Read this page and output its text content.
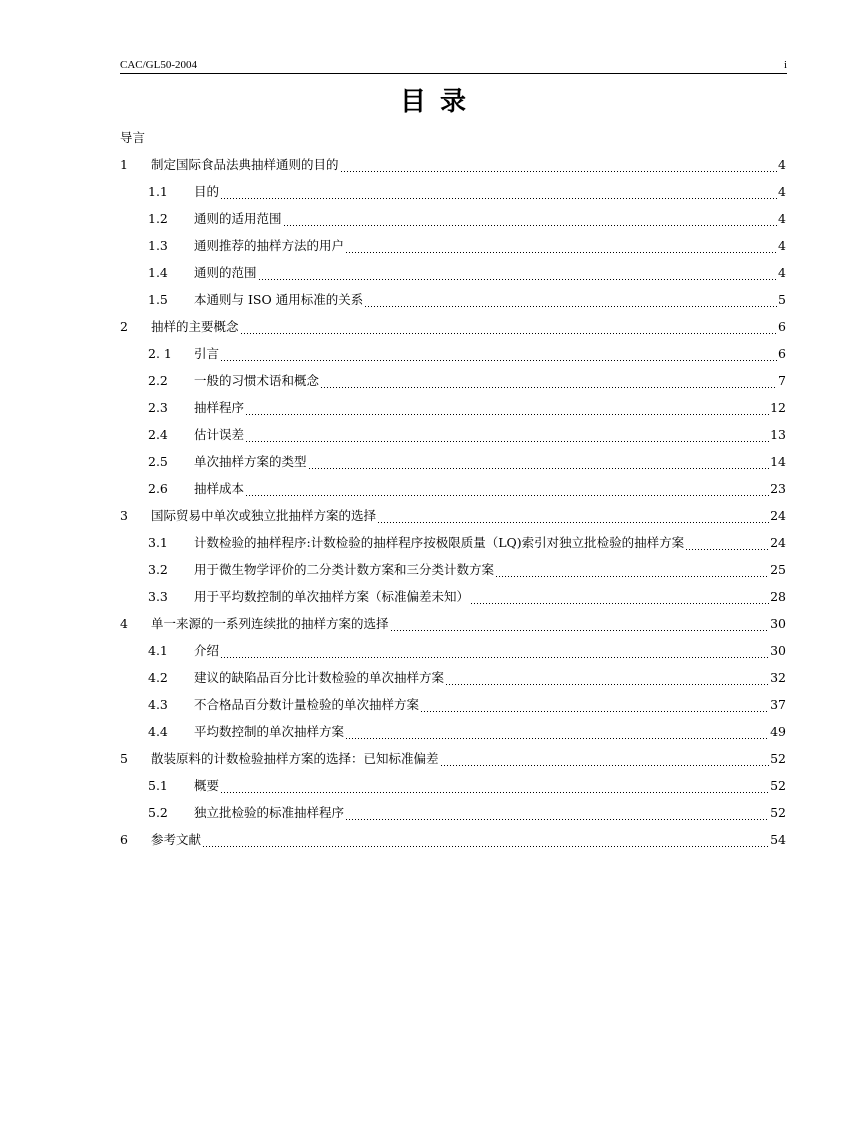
CAC/GL50-2004	i
目录
导言
1	制定国际食品法典抽样通则的目的	4
1.1	目的	4
1.2	通则的适用范围	4
1.3	通则推荐的抽样方法的用户	4
1.4	通则的范围	4
1.5	本通则与 ISO 通用标准的关系	5
2	抽样的主要概念	6
2. 1	引言	6
2.2	一般的习惯术语和概念	7
2.3	抽样程序	12
2.4	估计误差	13
2.5	单次抽样方案的类型	14
2.6	抽样成本	23
3	国际贸易中单次或独立批抽样方案的选择	24
3.1	计数检验的抽样程序:计数检验的抽样程序按极限质量（LQ)索引对独立批检验的抽样方案	24
3.2	用于微生物学评价的二分类计数方案和三分类计数方案	25
3.3	用于平均数控制的单次抽样方案（标准偏差未知）	28
4	单一来源的一系列连续批的抽样方案的选择	30
4.1	介绍	30
4.2	建议的缺陷品百分比计数检验的单次抽样方案	32
4.3	不合格品百分数计量检验的单次抽样方案	37
4.4	平均数控制的单次抽样方案	49
5	散装原料的计数检验抽样方案的选择：已知标准偏差	52
5.1	概要	52
5.2	独立批检验的标准抽样程序	52
6	参考文献	54
